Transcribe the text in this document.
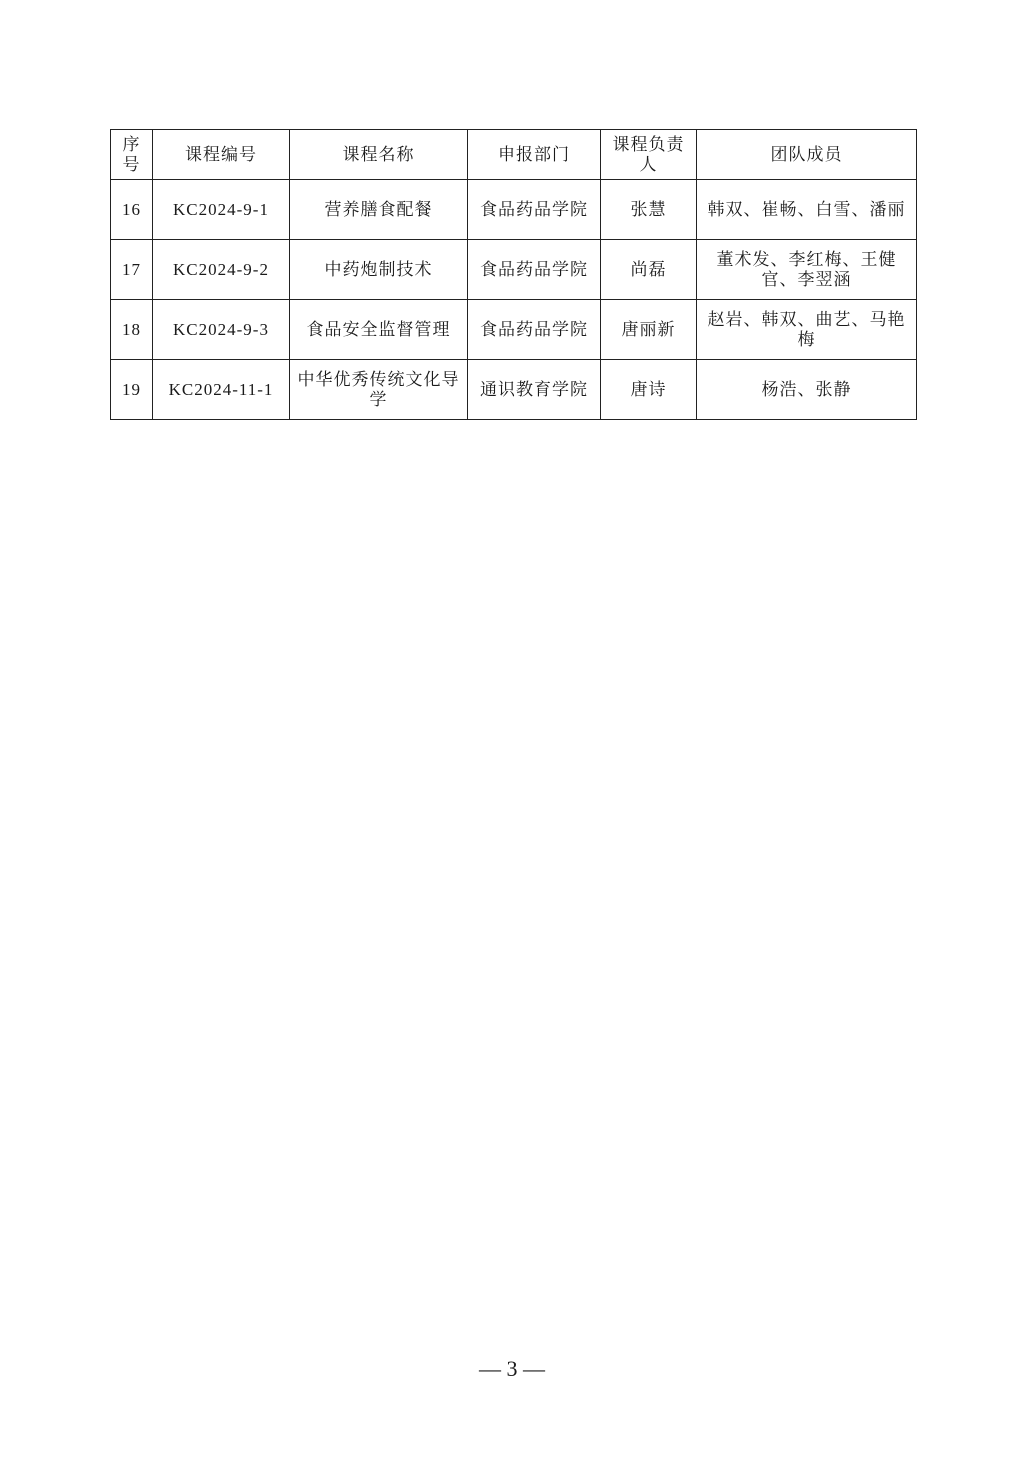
序号	课程编号	课程名称	申报部门	课程负责人	团队成员
16	KC2024-9-1	营养膳食配餐	食品药品学院	张慧	韩双、崔畅、白雪、潘丽
17	KC2024-9-2	中药炮制技术	食品药品学院	尚磊	董术发、李红梅、王健官、李翌涵
18	KC2024-9-3	食品安全监督管理	食品药品学院	唐丽新	赵岩、韩双、曲艺、马艳梅
19	KC2024-11-1	中华优秀传统文化导学	通识教育学院	唐诗	杨浩、张静
— 3 —
